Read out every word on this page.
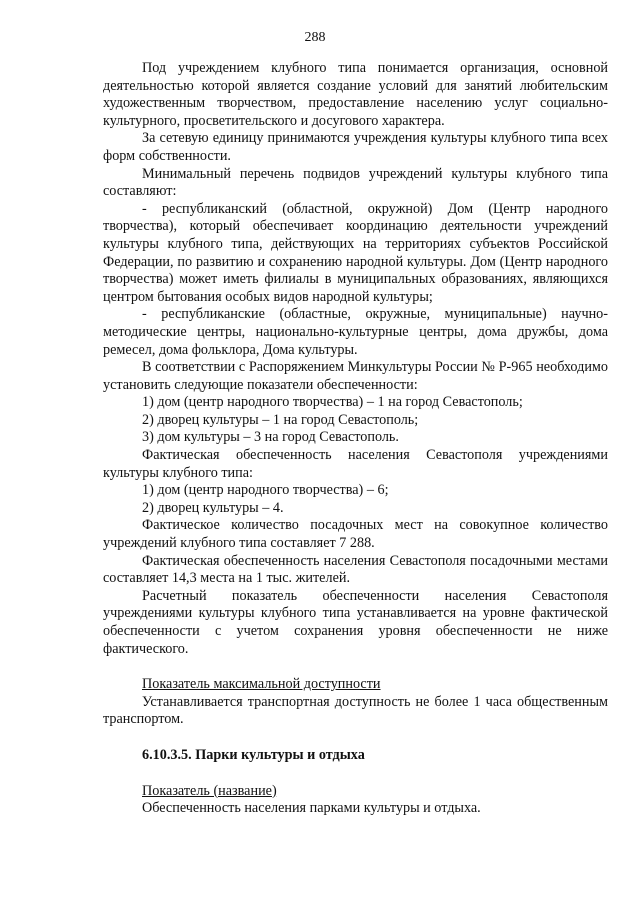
288

Под учреждением клубного типа понимается организация, основной деятельностью которой является создание условий для занятий любительским художественным творчеством, предоставление населению услуг социально-культурного, просветительского и досугового характера.

За сетевую единицу принимаются учреждения культуры клубного типа всех форм собственности.

Минимальный перечень подвидов учреждений культуры клубного типа составляют:

- республиканский (областной, окружной) Дом (Центр народного творчества), который обеспечивает координацию деятельности учреждений культуры клубного типа, действующих на территориях субъектов Российской Федерации, по развитию и сохранению народной культуры. Дом (Центр народного творчества) может иметь филиалы в муниципальных образованиях, являющихся центром бытования особых видов народной культуры;

- республиканские (областные, окружные, муниципальные) научно-методические центры, национально-культурные центры, дома дружбы, дома ремесел, дома фольклора, Дома культуры.

В соответствии с Распоряжением Минкультуры России № Р-965 необходимо установить следующие показатели обеспеченности:

1) дом (центр народного творчества) – 1 на город Севастополь;

2) дворец культуры – 1 на город Севастополь;

3) дом культуры – 3 на город Севастополь.

Фактическая обеспеченность населения Севастополя учреждениями культуры клубного типа:

1) дом (центр народного творчества) – 6;

2) дворец культуры – 4.

Фактическое количество посадочных мест на совокупное количество учреждений клубного типа составляет 7 288.

Фактическая обеспеченность населения Севастополя посадочными местами составляет 14,3 места на 1 тыс. жителей.

Расчетный показатель обеспеченности населения Севастополя учреждениями культуры клубного типа устанавливается на уровне фактической обеспеченности с учетом сохранения уровня обеспеченности не ниже фактического.

Показатель максимальной доступности

Устанавливается транспортная доступность не более 1 часа общественным транспортом.

6.10.3.5. Парки культуры и отдыха

Показатель (название)

Обеспеченность населения парками культуры и отдыха.
